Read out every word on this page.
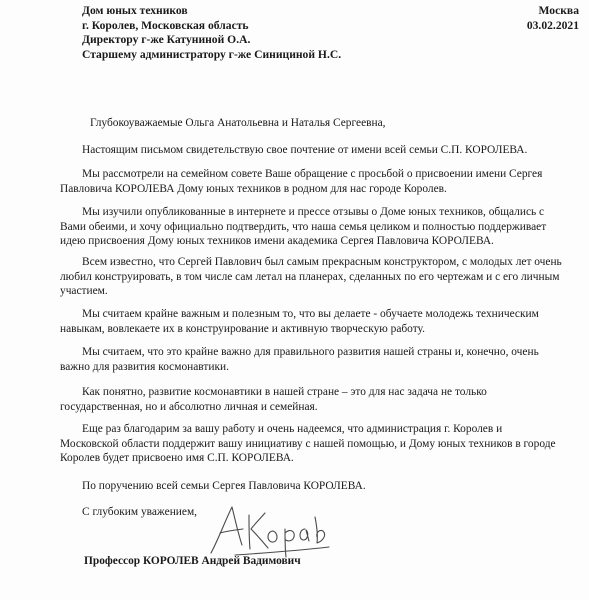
Дом юных техников
г. Королев, Московская область
Директору г-же Катуниной О.А.
Старшему администратору г-же Синициной Н.С.
Москва
03.02.2021
Глубокоуважаемые Ольга Анатольевна и Наталья Сергеевна,

Настоящим письмом свидетельствую свое почтение от имени всей семьи С.П. КОРОЛЕВА.

Мы рассмотрели на семейном совете Ваше обращение с просьбой о присвоении имени Сергея
Павловича КОРОЛЕВА Дому юных техников в родном для нас городе Королев.

Мы изучили опубликованные в интернете и прессе отзывы о Доме юных техников, общались с
Вами обеими, и хочу официально подтвердить, что наша семья целиком и полностью поддерживает
идею присвоения Дому юных техников имени академика Сергея Павловича КОРОЛЕВА.

Всем известно, что Сергей Павлович был самым прекрасным конструктором, с молодых лет очень
любил конструировать, в том числе сам летал на планерах, сделанных по его чертежам и с его личным
участием.

Мы считаем крайне важным и полезным то, что вы делаете - обучаете молодежь техническим
навыкам, вовлекаете их в конструирование и активную творческую работу.

Мы считаем, что это крайне важно для правильного развития нашей страны и, конечно, очень
важно для развития космонавтики.

Как понятно, развитие космонавтики в нашей стране – это для нас задача не только
государственная, но и абсолютно личная и семейная.

Еще раз благодарим за вашу работу и очень надеемся, что администрация г. Королев и
Московской области поддержит вашу инициативу с нашей помощью, и Дому юных техников в городе
Королев будет присвоено имя С.П. КОРОЛЕВА.

По поручению всей семьи Сергея Павловича КОРОЛЕВА.
С глубоким уважением,
Профессор КОРОЛЕВ Андрей Вадимович
